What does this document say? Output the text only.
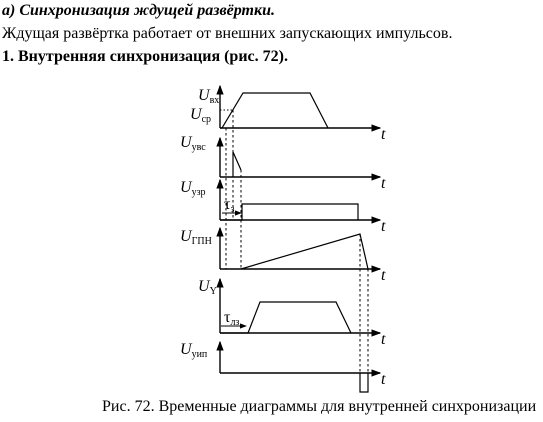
а) Синхронизация ждущей развёртки.
Ждущая развёртка работает от внешних запускающих импульсов.
1. Внутренняя синхронизация (рис. 72).
Uвх
Uср
t
Uувс
t
Uузр
τз
t
UГПН
t
UY
τлз
t
Uуип
t
Рис. 72. Временные диаграммы для внутренней синхронизации
